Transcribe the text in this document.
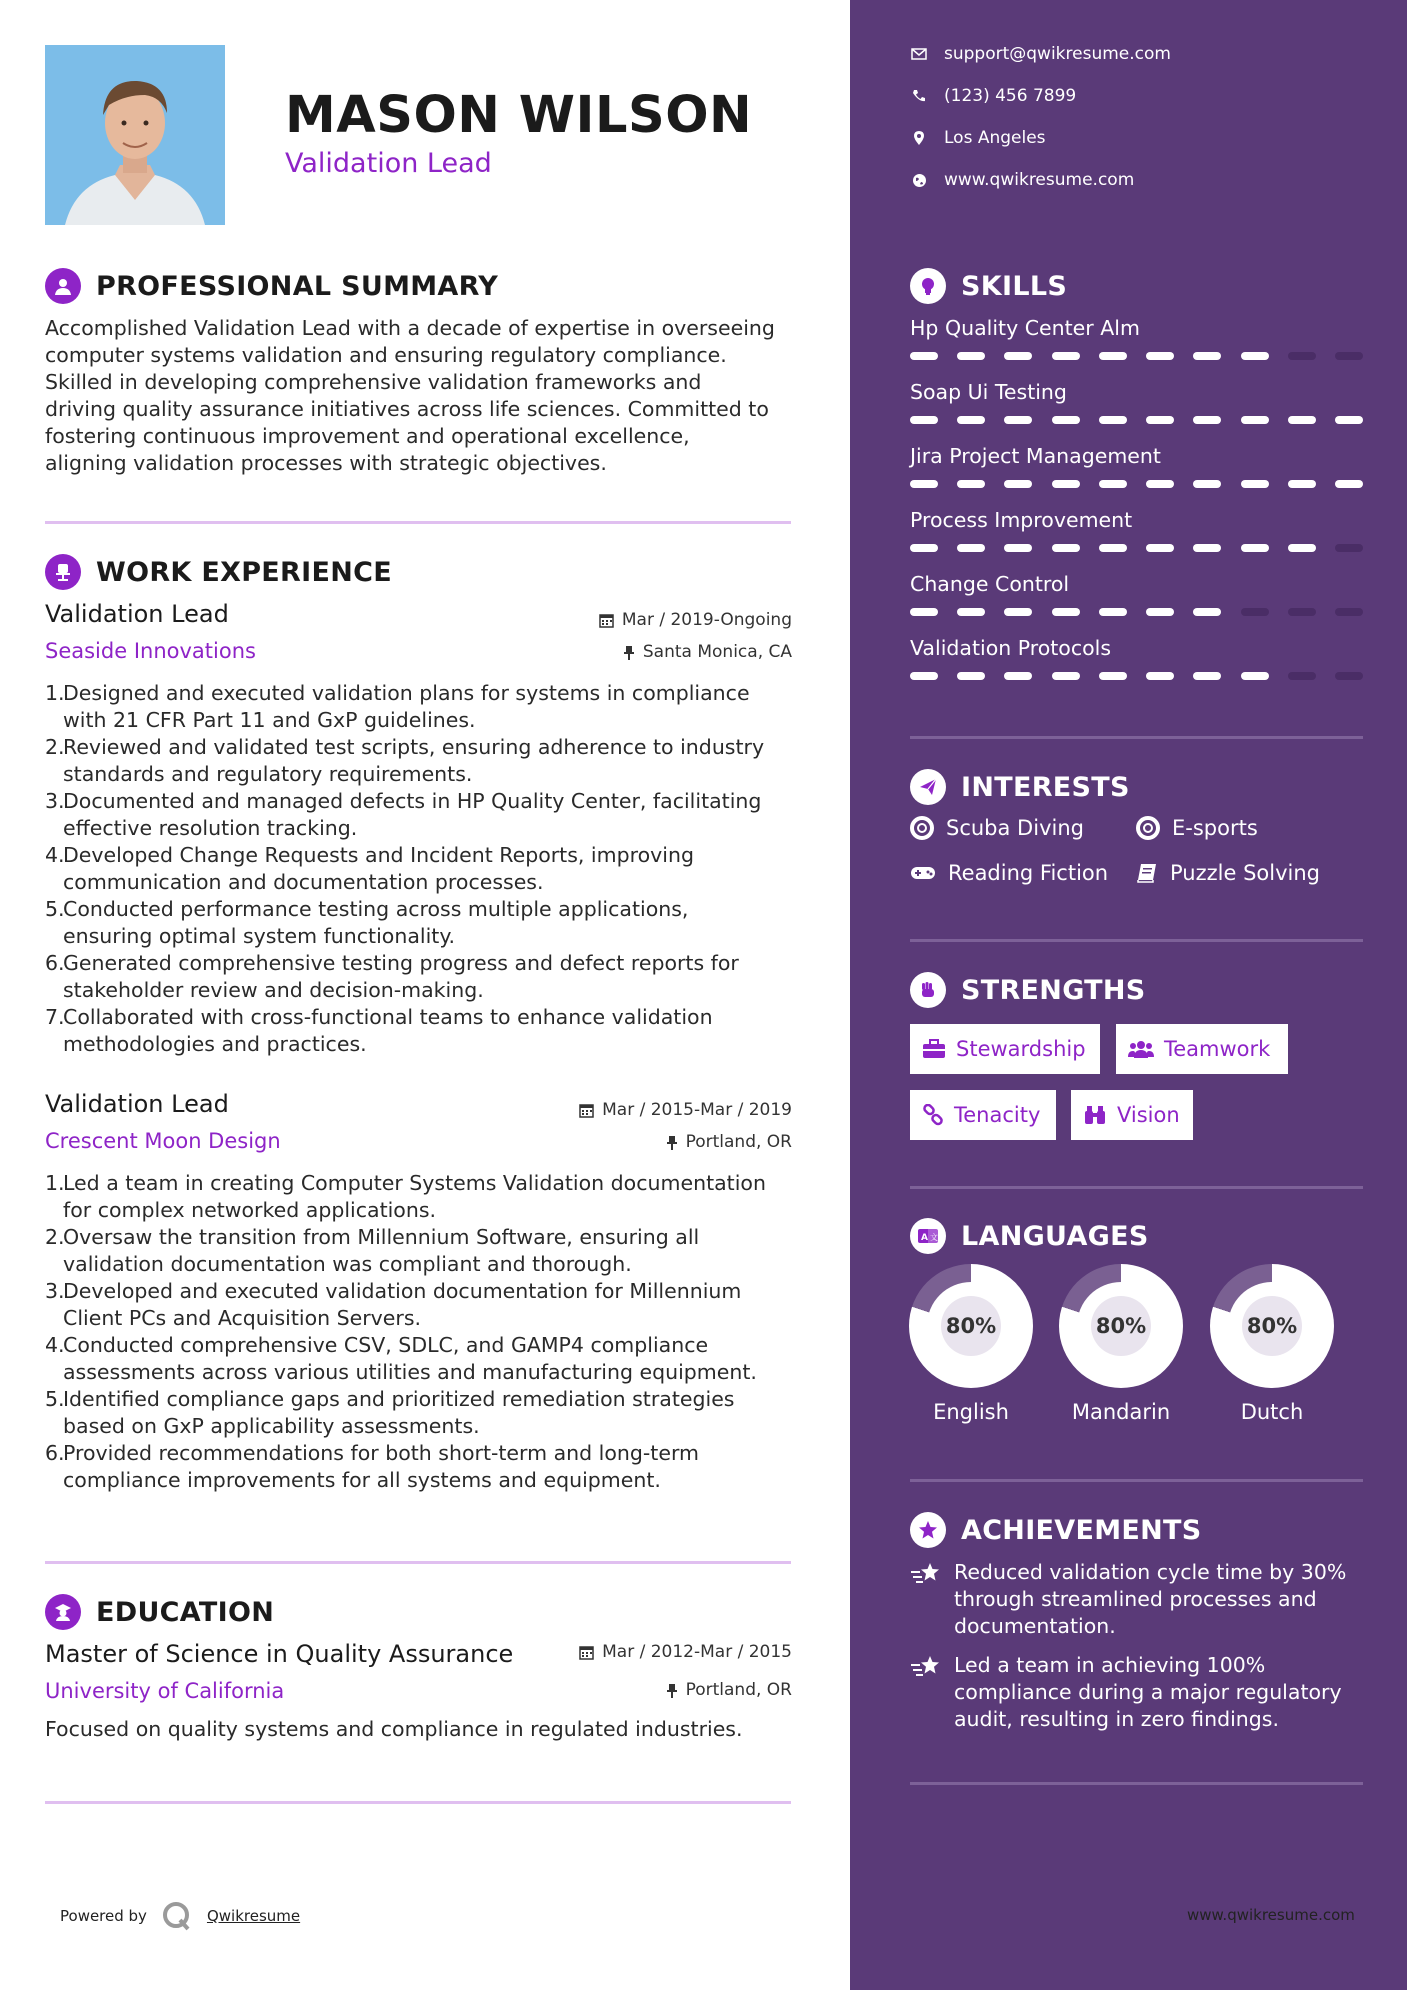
MASON WILSON
Validation Lead
PROFESSIONAL SUMMARY
Accomplished Validation Lead with a decade of expertise in overseeing
computer systems validation and ensuring regulatory compliance.
Skilled in developing comprehensive validation frameworks and
driving quality assurance initiatives across life sciences. Committed to
fostering continuous improvement and operational excellence,
aligning validation processes with strategic objectives.
WORK EXPERIENCE
Validation Lead	Mar / 2019-Ongoing
Seaside Innovations	Santa Monica, CA
1.
Designed and executed validation plans for systems in compliance
with 21 CFR Part 11 and GxP guidelines.
2.
Reviewed and validated test scripts, ensuring adherence to industry
standards and regulatory requirements.
3.
Documented and managed defects in HP Quality Center, facilitating
effective resolution tracking.
4.
Developed Change Requests and Incident Reports, improving
communication and documentation processes.
5.
Conducted performance testing across multiple applications,
ensuring optimal system functionality.
6.
Generated comprehensive testing progress and defect reports for
stakeholder review and decision-making.
7.
Collaborated with cross-functional teams to enhance validation
methodologies and practices.
Validation Lead	Mar / 2015-Mar / 2019
Crescent Moon Design	Portland, OR
1.
Led a team in creating Computer Systems Validation documentation
for complex networked applications.
2.
Oversaw the transition from Millennium Software, ensuring all
validation documentation was compliant and thorough.
3.
Developed and executed validation documentation for Millennium
Client PCs and Acquisition Servers.
4.
Conducted comprehensive CSV, SDLC, and GAMP4 compliance
assessments across various utilities and manufacturing equipment.
5.
Identified compliance gaps and prioritized remediation strategies
based on GxP applicability assessments.
6.
Provided recommendations for both short-term and long-term
compliance improvements for all systems and equipment.
EDUCATION
Master of Science in Quality Assurance	Mar / 2012-Mar / 2015
University of California	Portland, OR
Focused on quality systems and compliance in regulated industries.
Powered by	Qwikresume
support@qwikresume.com
(123) 456 7899
Los Angeles
www.qwikresume.com
SKILLS
Hp Quality Center Alm
Soap Ui Testing
Jira Project Management
Process Improvement
Change Control
Validation Protocols
INTERESTS
Scuba Diving	E-sports
Reading Fiction	Puzzle Solving
STRENGTHS
Stewardship	Teamwork
Tenacity	Vision
A 文 LANGUAGES
80%
English
80%
Mandarin
80%
Dutch
ACHIEVEMENTS
Reduced validation cycle time by 30%
through streamlined processes and
documentation.
Led a team in achieving 100%
compliance during a major regulatory
audit, resulting in zero findings.
www.qwikresume.com
